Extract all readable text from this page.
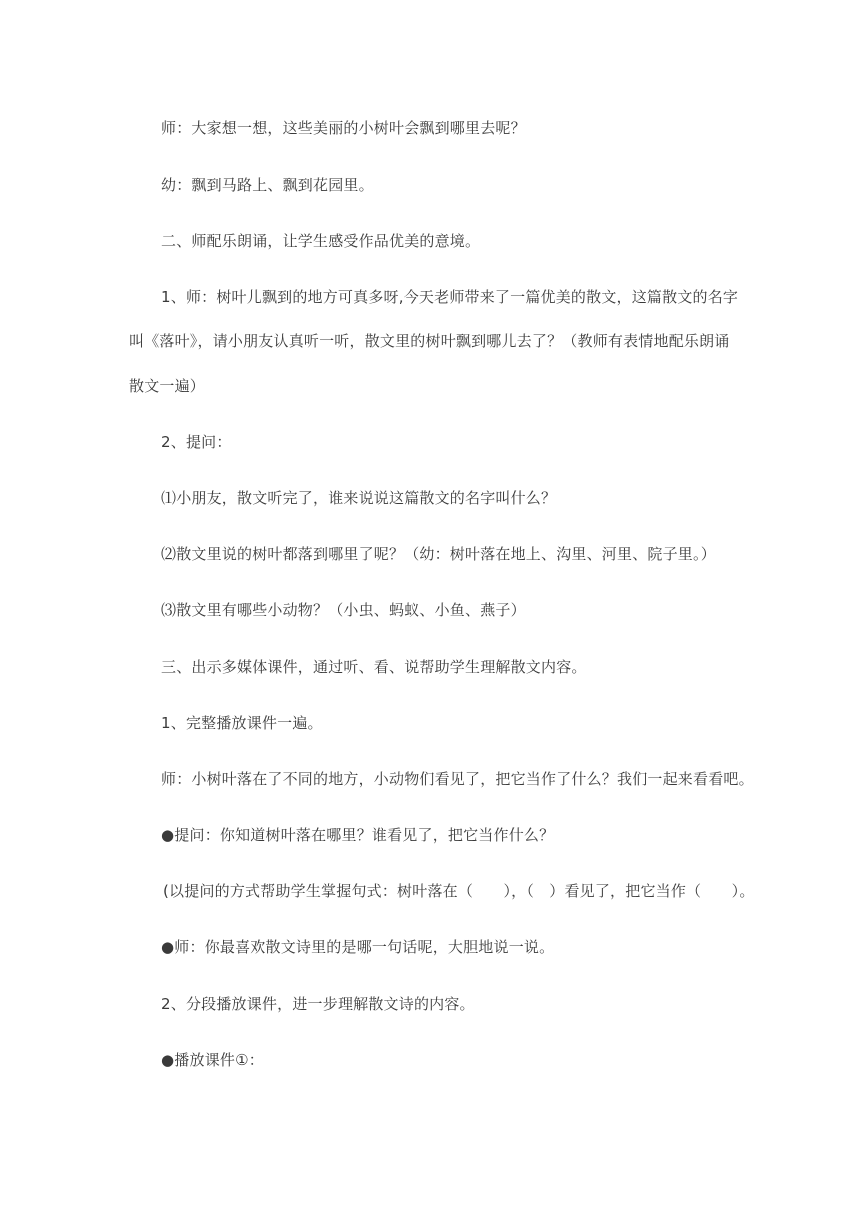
师：大家想一想，这些美丽的小树叶会飘到哪里去呢？
幼：飘到马路上、飘到花园里。
二、师配乐朗诵，让学生感受作品优美的意境。
1、师：树叶儿飘到的地方可真多呀,今天老师带来了一篇优美的散文，这篇散文的名字
叫《落叶》，请小朋友认真听一听，散文里的树叶飘到哪儿去了？（教师有表情地配乐朗诵
散文一遍）
2、提问：
⑴小朋友，散文听完了，谁来说说这篇散文的名字叫什么？
⑵散文里说的树叶都落到哪里了呢？（幼：树叶落在地上、沟里、河里、院子里。）
⑶散文里有哪些小动物？（小虫、蚂蚁、小鱼、燕子）
三、出示多媒体课件，通过听、看、说帮助学生理解散文内容。
1、完整播放课件一遍。
师：小树叶落在了不同的地方，小动物们看见了，把它当作了什么？我们一起来看看吧。
●提问：你知道树叶落在哪里？谁看见了，把它当作什么？
(以提问的方式帮助学生掌握句式：树叶落在（　　），（　）看见了，把它当作（　　）。
●师：你最喜欢散文诗里的是哪一句话呢，大胆地说一说。
2、分段播放课件，进一步理解散文诗的内容。
●播放课件①：
